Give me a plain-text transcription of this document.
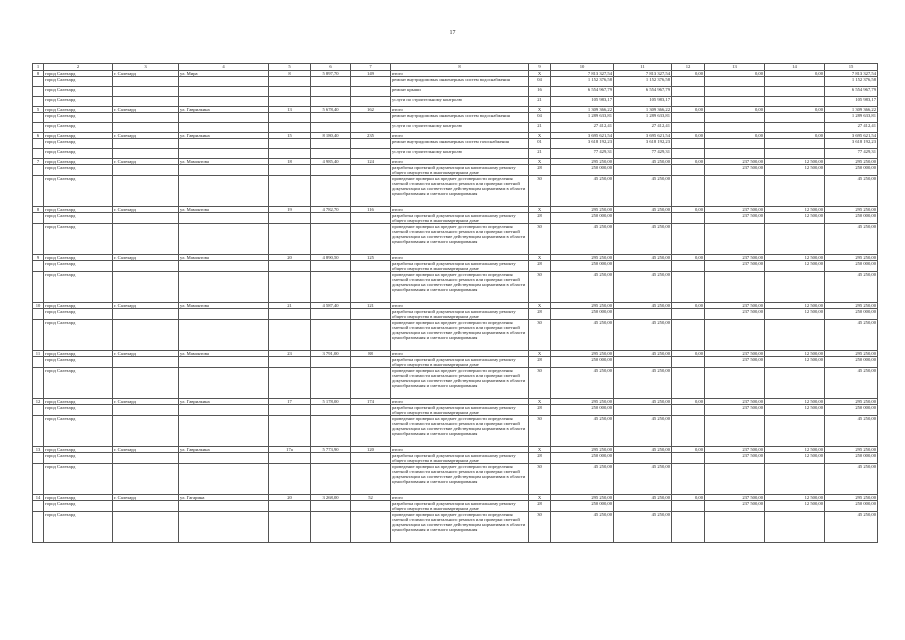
17
1	2	3	4	5	6	7	8	9	10	11	12	13	14	15
8	город Салехард	г. Салехард	ул. Мира	8	5 897,70	149	итого	Х	7 813 327,54	7 813 327,54	0,00	0,00	0,00	7 813 327,54
	город Салехард						ремонт внутридомовых инженерных систем водоснабжения	04	1 152 376,58	1 152 376,58				1 152 376,58
	город Салехард						ремонт крыши	16	6 554 967,79	6 554 967,79				6 554 967,79
	город Салехард						услуги по строительному контролю	21	105 983,17	105 983,17				105 983,17
5	город Салехард	г. Салехард	ул. Гаврилкина	13	5 678,40	162	итого	Х	1 309 366,22	1 309 366,22	0,00	0,00	0,00	1 309 366,22
	город Салехард						ремонт внутридомовых инженерных систем водоснабжения	04	1 289 633,81	1 289 633,81				1 289 633,81
	город Салехард						услуги по строительному контролю	21	27 412,41	27 412,41				27 412,41
6	город Салехард	г. Салехард	ул. Гаврилкина	15	8 180,40	235	итого	Х	3 695 621,54	3 695 621,54	0,00	0,00	0,00	3 695 621,54
	город Салехард						ремонт внутридомовых инженерных систем газоснабжения	01	3 618 192,23	3 618 192,23				3 618 192,23
	город Салехард						услуги по строительному контролю	21	77 429,31	77 429,31				77 429,31
7	город Салехард	г. Салехард	ул. Мамонтова	18	4 985,40	124	итого	Х	295 250,00	45 250,00	0,00	237 500,00	12 500,00	295 250,00
	город Салехард						разработка проектной документации на капитальному ремонту общего имущества в многоквартирном доме	28	250 000,00			237 500,00	12 500,00	250 000,00
	город Салехард						проведение проверки на предмет достоверности определения сметной стоимости капитального ремонта или проверки сметной документации на соответствие действующим нормативам в области ценообразования и сметного нормирования	30	45 250,00	45 250,00				45 250,00
8	город Салехард	г. Салехард	ул. Мамонтова	19	4 782,70	116	итого	Х	295 250,00	45 250,00	0,00	237 500,00	12 500,00	295 250,00
	город Салехард						разработка проектной документации на капитальному ремонту общего имущества в многоквартирном доме	28	250 000,00			237 500,00	12 500,00	250 000,00
	город Салехард						проведение проверки на предмет достоверности определения сметной стоимости капитального ремонта или проверки сметной документации на соответствие действующим нормативам в области ценообразования и сметного нормирования	30	45 250,00	45 250,00				45 250,00
9	город Салехард	г. Салехард	ул. Мамонтова	20	4 890,50	125	итого	Х	295 250,00	45 250,00	0,00	237 500,00	12 500,00	295 250,00
	город Салехард						разработка проектной документации на капитальному ремонту общего имущества в многоквартирном доме	28	250 000,00			237 500,00	12 500,00	250 000,00
	город Салехард						проведение проверки на предмет достоверности определения сметной стоимости капитального ремонта или проверки сметной документации на соответствие действующим нормативам в области ценообразования и сметного нормирования	30	45 250,00	45 250,00				45 250,00
10	город Салехард	г. Салехард	ул. Мамонтова	21	4 587,40	121	итого	Х	295 250,00	45 250,00	0,00	237 500,00	12 500,00	295 250,00
	город Салехард						разработка проектной документации на капитальному ремонту общего имущества в многоквартирном доме	28	250 000,00			237 500,00	12 500,00	250 000,00
	город Салехард						проведение проверки на предмет достоверности определения сметной стоимости капитального ремонта или проверки сметной документации на соответствие действующим нормативам в области ценообразования и сметного нормирования	30	45 250,00	45 250,00				45 250,00
11	город Салехард	г. Салехард	ул. Мамонтова	23	3 791,00	88	итого	Х	295 250,00	45 250,00	0,00	237 500,00	12 500,00	295 250,00
	город Салехард						разработка проектной документации на капитальному ремонту общего имущества в многоквартирном доме	28	250 000,00			237 500,00	12 500,00	250 000,00
	город Салехард						проведение проверки на предмет достоверности определения сметной стоимости капитального ремонта или проверки сметной документации на соответствие действующим нормативам в области ценообразования и сметного нормирования	30	45 250,00	45 250,00				45 250,00
12	город Салехард	г. Салехард	ул. Гаврилкина	17	5 178,00	174	итого	Х	295 250,00	45 250,00	0,00	237 500,00	12 500,00	295 250,00
	город Салехард						разработка проектной документации на капитальному ремонту общего имущества в многоквартирном доме	28	250 000,00			237 500,00	12 500,00	250 000,00
	город Салехард						проведение проверки на предмет достоверности определения сметной стоимости капитального ремонта или проверки сметной документации на соответствие действующим нормативам в области ценообразования и сметного нормирования	30	45 250,00	45 250,00				45 250,00
13	город Салехард	г. Салехард	ул. Гаврилкина	17а	5 773,90	120	итого	Х	295 250,00	45 250,00	0,00	237 500,00	12 500,00	295 250,00
	город Салехард						разработка проектной документации на капитальному ремонту общего имущества в многоквартирном доме	28	250 000,00			237 500,00	12 500,00	250 000,00
	город Салехард						проведение проверки на предмет достоверности определения сметной стоимости капитального ремонта или проверки сметной документации на соответствие действующим нормативам в области ценообразования и сметного нормирования	30	45 250,00	45 250,00				45 250,00
14	город Салехард	г. Салехард	ул. Гагарина	20	3 268,00	52	итого	Х	295 250,00	45 250,00	0,00	237 500,00	12 500,00	295 250,00
	город Салехард						разработка проектной документации на капитальному ремонту общего имущества в многоквартирном доме	28	250 000,00			237 500,00	12 500,00	250 000,00
	город Салехард						проведение проверки на предмет достоверности определения сметной стоимости капитального ремонта или проверки сметной документации на соответствие действующим нормативам в области ценообразования и сметного нормирования	30	45 250,00	45 250,00				45 250,00
